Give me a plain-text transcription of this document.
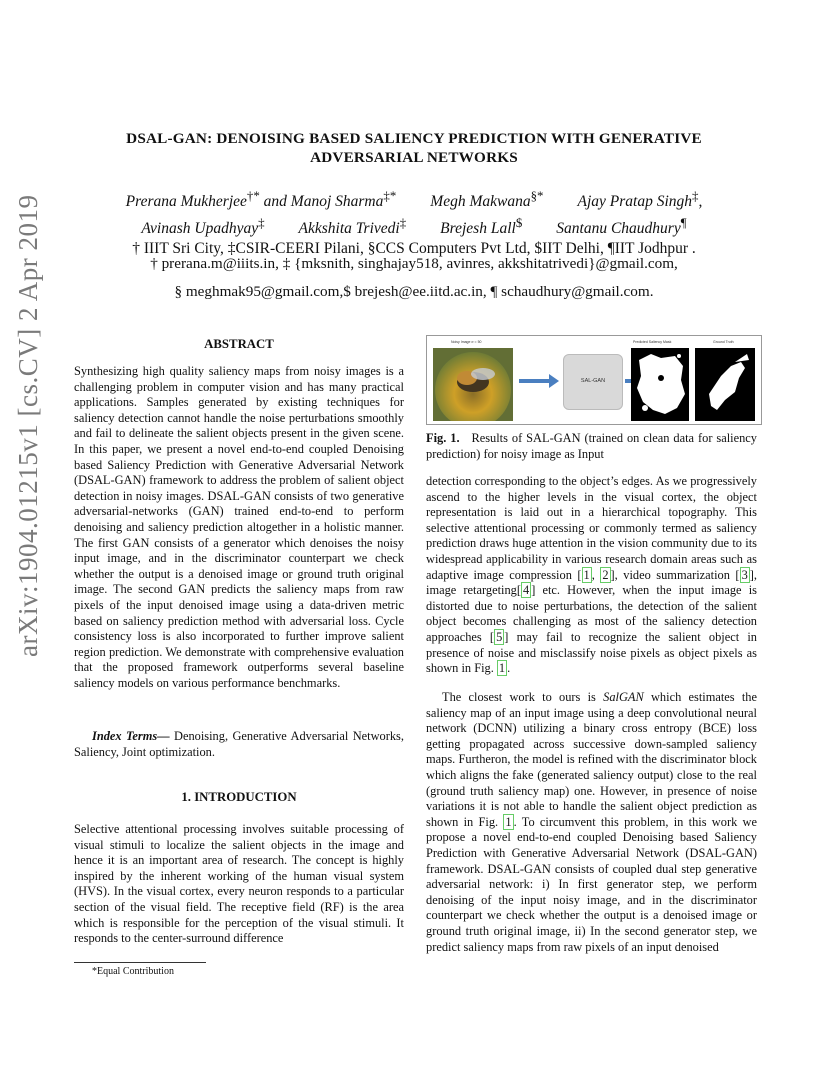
arXiv:1904.01215v1 [cs.CV] 2 Apr 2019
DSAL-GAN: DENOISING BASED SALIENCY PREDICTION WITH GENERATIVE
ADVERSARIAL NETWORKS
Prerana Mukherjee†* and Manoj Sharma‡* Megh Makwana§* Ajay Pratap Singh‡,
Avinash Upadhyay‡ Akkshita Trivedi‡ Brejesh Lall$ Santanu Chaudhury¶
† IIIT Sri City, ‡CSIR-CEERI Pilani, §CCS Computers Pvt Ltd, $IIT Delhi, ¶IIT Jodhpur .
† prerana.m@iiits.in, ‡ {mksnith, singhajay518, avinres, akkshitatrivedi}@gmail.com,
§ meghmak95@gmail.com,$ brejesh@ee.iitd.ac.in, ¶ schaudhury@gmail.com.
ABSTRACT
Synthesizing high quality saliency maps from noisy images is a challenging problem in computer vision and has many practical applications. Samples generated by existing techniques for saliency detection cannot handle the noise perturbations smoothly and fail to delineate the salient objects present in the given scene. In this paper, we present a novel end-to-end coupled Denoising based Saliency Prediction with Generative Adversarial Network (DSAL-GAN) framework to address the problem of salient object detection in noisy images. DSAL-GAN consists of two generative adversarial-networks (GAN) trained end-to-end to perform denoising and saliency prediction altogether in a holistic manner. The first GAN consists of a generator which denoises the noisy input image, and in the discriminator counterpart we check whether the output is a denoised image or ground truth original image. The second GAN predicts the saliency maps from raw pixels of the input denoised image using a data-driven metric based on saliency prediction method with adversarial loss. Cycle consistency loss is also incorporated to further improve salient region prediction. We demonstrate with comprehensive evaluation that the proposed framework outperforms several baseline saliency models on various performance benchmarks.
Index Terms— Denoising, Generative Adversarial Networks, Saliency, Joint optimization.
1. INTRODUCTION
Selective attentional processing involves suitable processing of visual stimuli to localize the salient objects in the image and hence it is an important area of research. The concept is highly inspired by the inherent working of the human visual system (HVS). In the visual cortex, every neuron responds to a particular section of the visual field. The receptive field (RF) is the area which is responsible for the perception of the visual stimuli. It responds to the center-surround difference
*Equal Contribution
Noisy Image σ = 50	Predicted Saliency Mask	Ground Truth
SAL-GAN
Fig. 1. Results of SAL-GAN (trained on clean data for saliency prediction) for noisy image as Input
detection corresponding to the object’s edges. As we progressively ascend to the higher levels in the visual cortex, the object representation is laid out in a hierarchical topography. This selective attentional processing or commonly termed as saliency prediction draws huge attention in the vision community due to its widespread applicability in various research domain areas such as adaptive image compression [ 1 , 2 ], video summarization [ 3 ], image retargeting[ 4 ] etc. However, when the input image is distorted due to noise perturbations, the detection of the salient object becomes challenging as most of the saliency detection approaches [ 5 ] may fail to recognize the salient object in presence of noise and misclassify noise pixels as object pixels as shown in Fig. 1 .
The closest work to ours is SalGAN which estimates the saliency map of an input image using a deep convolutional neural network (DCNN) utilizing a binary cross entropy (BCE) loss getting propagated across successive down-sampled saliency maps. Furtheron, the model is refined with the discriminator block which aligns the fake (generated saliency output) close to the real (ground truth saliency map) one. However, in presence of noise variations it is not able to handle the salient object prediction as shown in Fig. 1 . To circumvent this problem, in this work we propose a novel end-to-end coupled Denoising based Saliency Prediction with Generative Adversarial Network (DSAL-GAN) framework. DSAL-GAN consists of coupled dual step generative adversarial network: i) In first generator step, we perform denoising of the input noisy image, and in the discriminator counterpart we check whether the output is a denoised image or ground truth original image, ii) In the second generator step, we predict saliency maps from raw pixels of an input denoised
